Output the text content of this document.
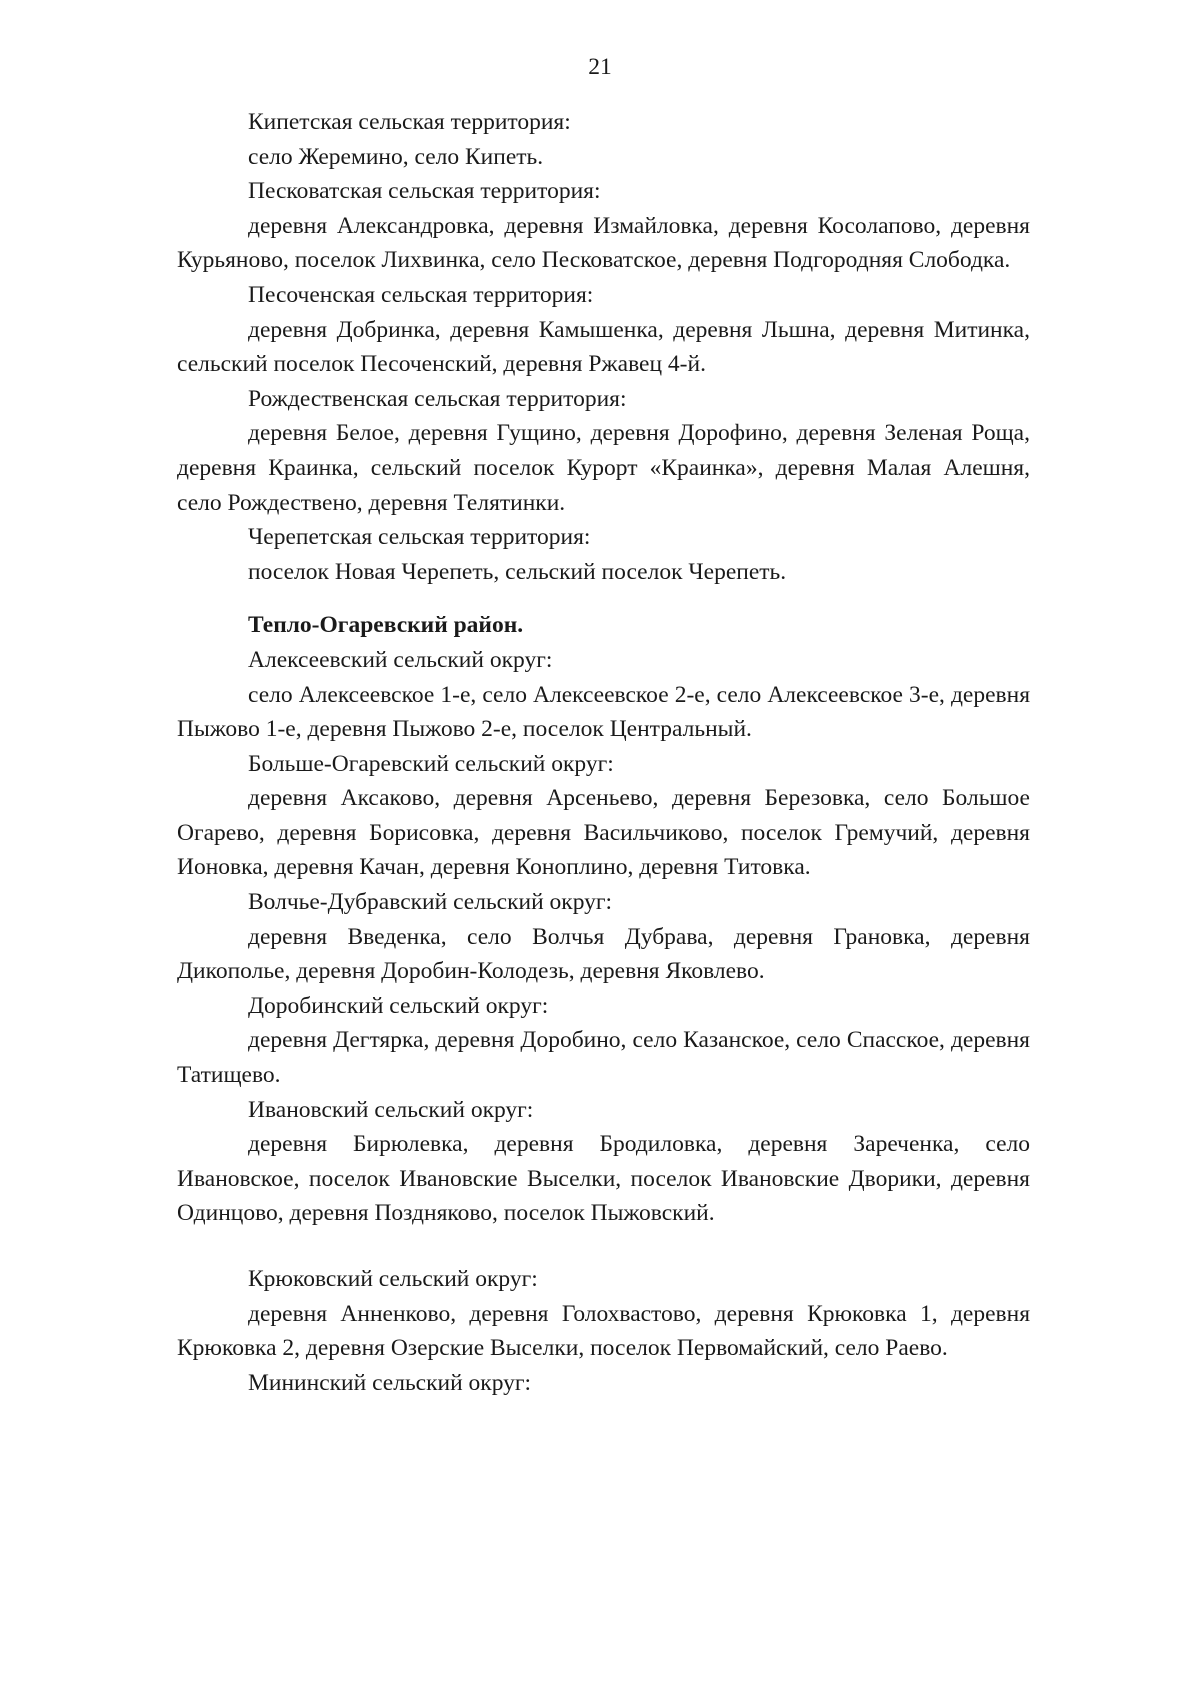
21

Кипетская сельская территория:

село Жеремино, село Кипеть.

Песковатская сельская территория:

деревня Александровка, деревня Измайловка, деревня Косолапово, деревня Курьяново, поселок Лихвинка, село Песковатское, деревня Подгородняя Слободка.

Песоченская сельская территория:

деревня Добринка, деревня Камышенка, деревня Льшна, деревня Митинка, сельский поселок Песоченский, деревня Ржавец 4-й.

Рождественская сельская территория:

деревня Белое, деревня Гущино, деревня Дорофино, деревня Зеленая Роща, деревня Краинка, сельский поселок Курорт «Краинка», деревня Малая Алешня, село Рождествено, деревня Телятинки.

Черепетская сельская территория:

поселок Новая Черепеть, сельский поселок Черепеть.

Тепло-Огаревский район.

Алексеевский сельский округ:

село Алексеевское 1-е, село Алексеевское 2-е, село Алексеевское 3-е, деревня Пыжово 1-е, деревня Пыжово 2-е, поселок Центральный.

Больше-Огаревский сельский округ:

деревня Аксаково, деревня Арсеньево, деревня Березовка, село Большое Огарево, деревня Борисовка, деревня Васильчиково, поселок Гремучий, деревня Ионовка, деревня Качан, деревня Коноплино, деревня Титовка.

Волчье-Дубравский сельский округ:

деревня Введенка, село Волчья Дубрава, деревня Грановка, деревня Дикополье, деревня Доробин-Колодезь, деревня Яковлево.

Доробинский сельский округ:

деревня Дегтярка, деревня Доробино, село Казанское, село Спасское, деревня Татищево.

Ивановский сельский округ:

деревня Бирюлевка, деревня Бродиловка, деревня Зареченка, село Ивановское, поселок Ивановские Выселки, поселок Ивановские Дворики, деревня Одинцово, деревня Поздняково, поселок Пыжовский.

Крюковский сельский округ:

деревня Анненково, деревня Голохвастово, деревня Крюковка 1, деревня Крюковка 2, деревня Озерские Выселки, поселок Первомайский, село Раево.

Мининский сельский округ:
